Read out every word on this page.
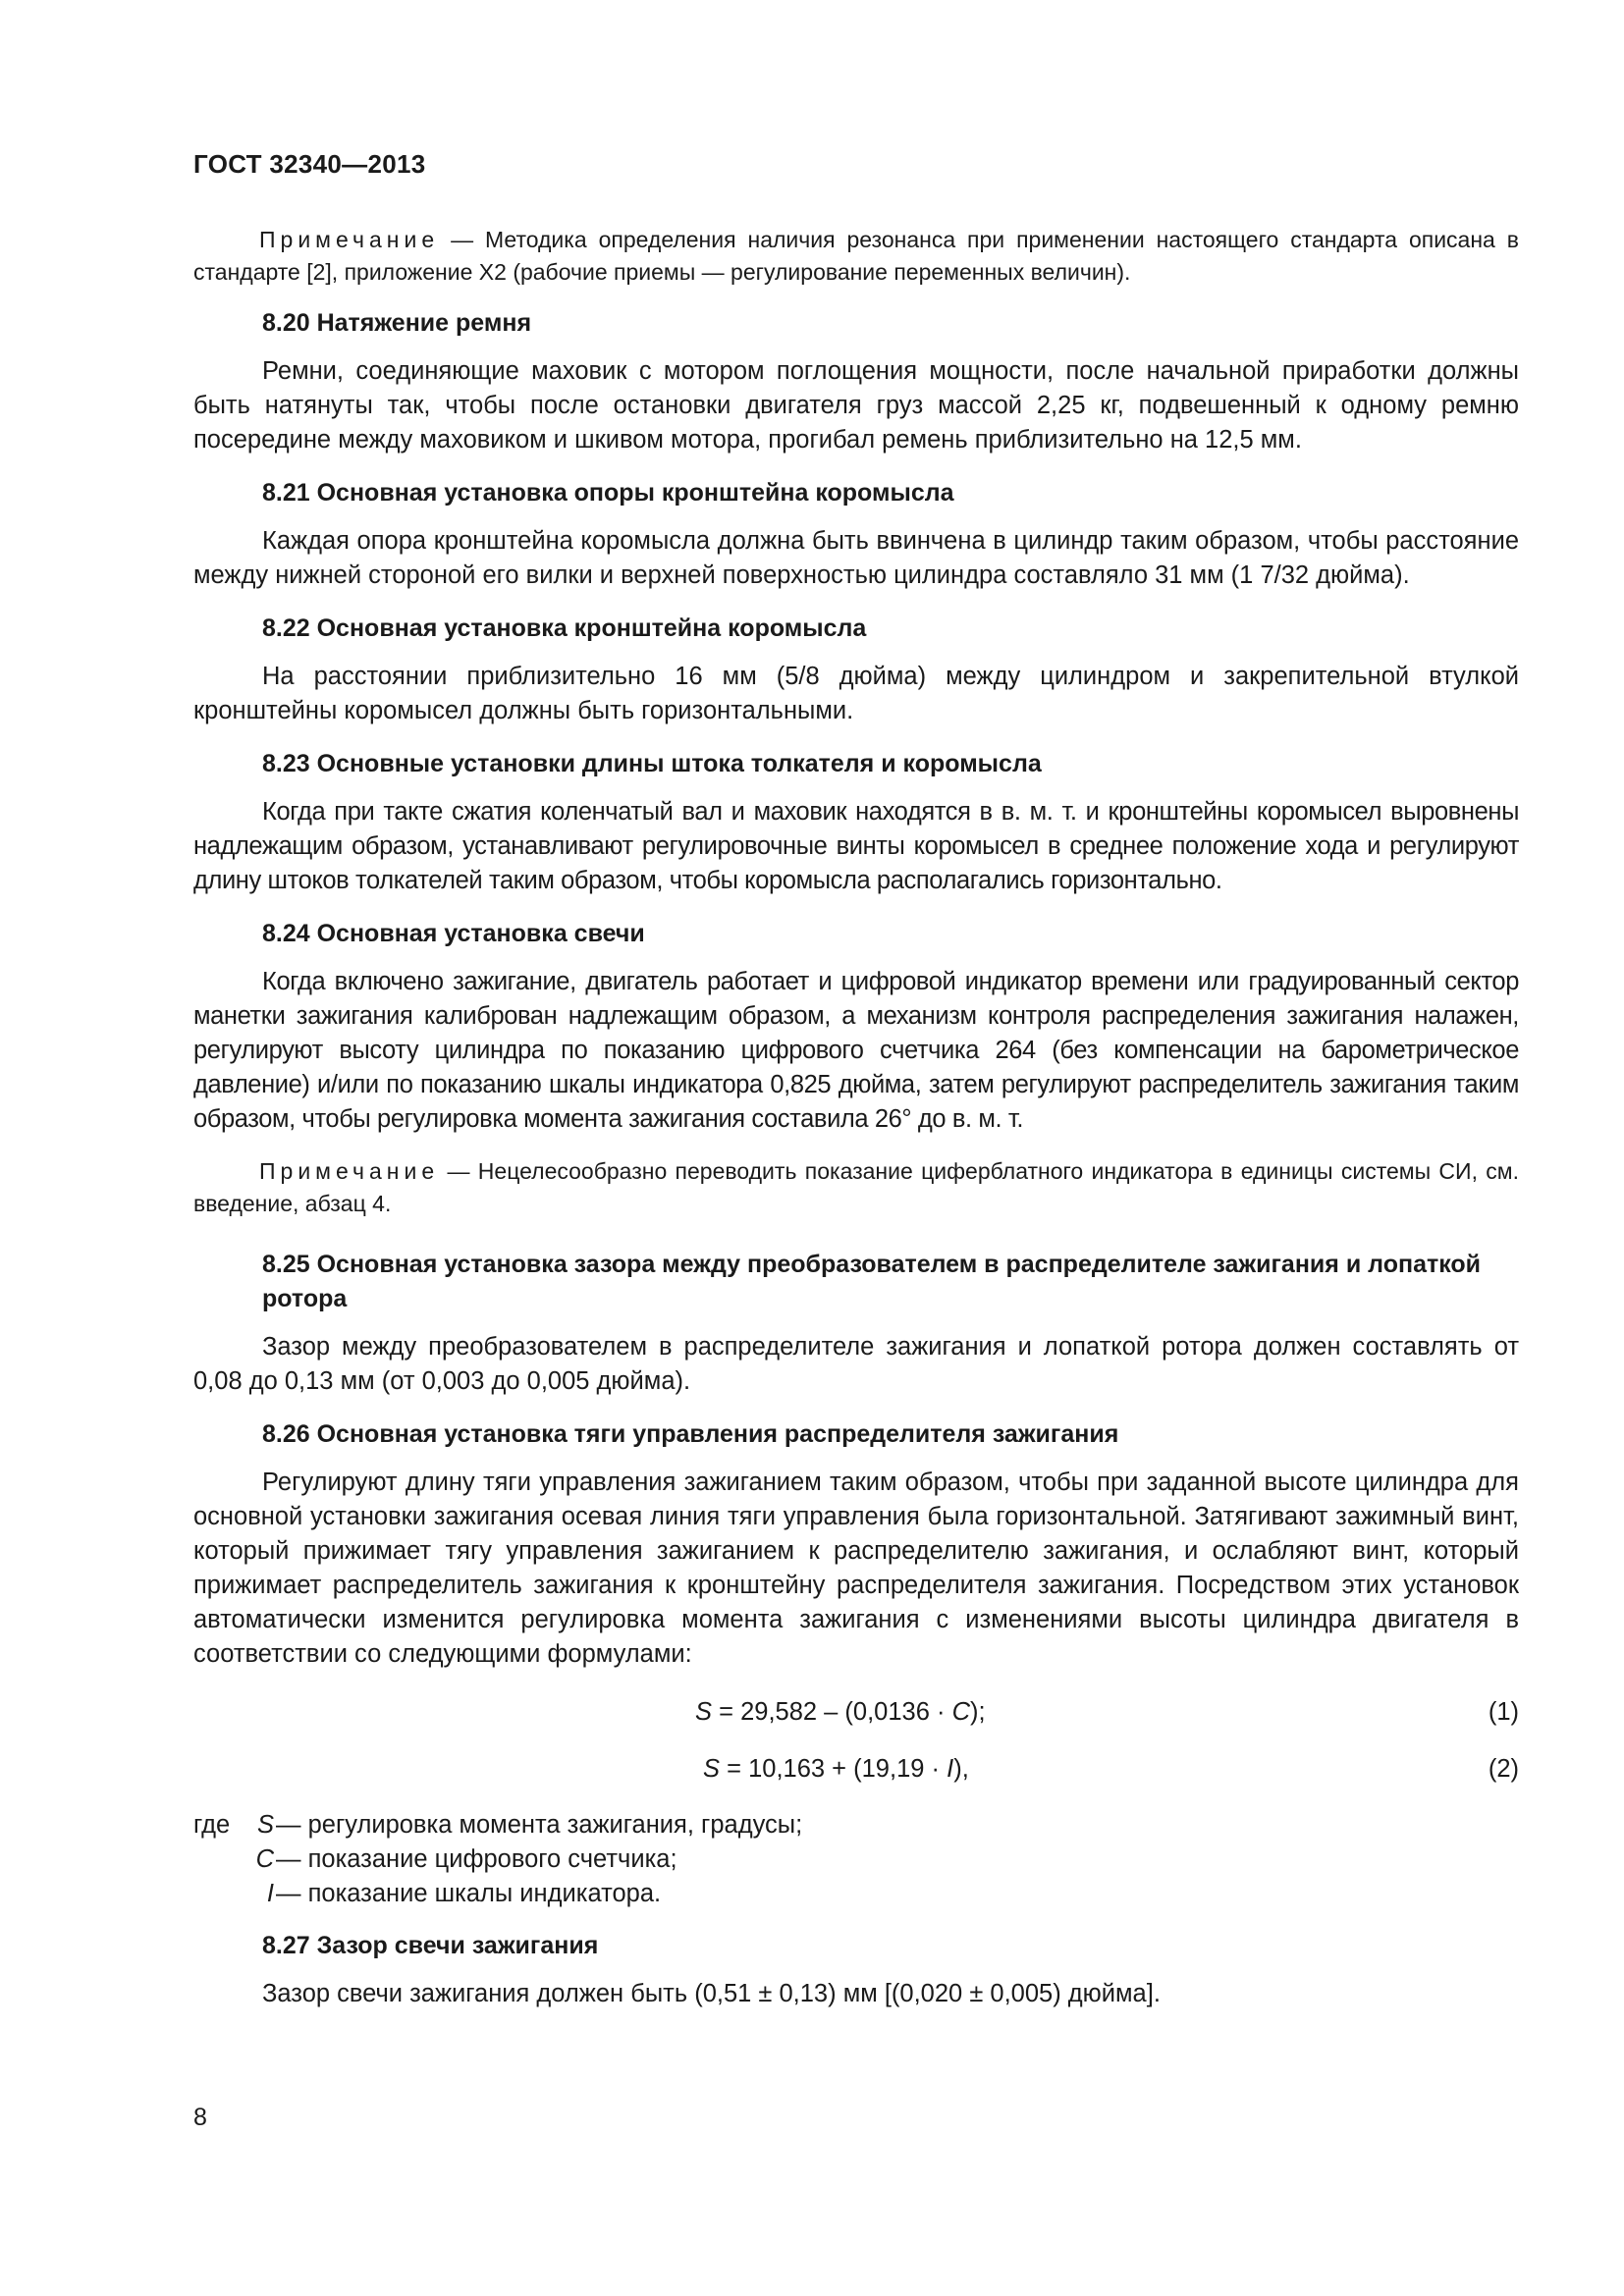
ГОСТ 32340—2013

Примечание — Методика определения наличия резонанса при применении настоящего стандарта описана в стандарте [2], приложение X2 (рабочие приемы — регулирование переменных величин).

8.20 Натяжение ремня

Ремни, соединяющие маховик с мотором поглощения мощности, после начальной приработки должны быть натянуты так, чтобы после остановки двигателя груз массой 2,25 кг, подвешенный к одному ремню посередине между маховиком и шкивом мотора, прогибал ремень приблизительно на 12,5 мм.

8.21 Основная установка опоры кронштейна коромысла

Каждая опора кронштейна коромысла должна быть ввинчена в цилиндр таким образом, чтобы расстояние между нижней стороной его вилки и верхней поверхностью цилиндра составляло 31 мм (1 7/32 дюйма).

8.22 Основная установка кронштейна коромысла

На расстоянии приблизительно 16 мм (5/8 дюйма) между цилиндром и закрепительной втулкой кронштейны коромысел должны быть горизонтальными.

8.23 Основные установки длины штока толкателя и коромысла

Когда при такте сжатия коленчатый вал и маховик находятся в в. м. т. и кронштейны коромысел выровнены надлежащим образом, устанавливают регулировочные винты коромысел в среднее положение хода и регулируют длину штоков толкателей таким образом, чтобы коромысла располагались горизонтально.

8.24 Основная установка свечи

Когда включено зажигание, двигатель работает и цифровой индикатор времени или градуированный сектор манетки зажигания калиброван надлежащим образом, а механизм контроля распределения зажигания налажен, регулируют высоту цилиндра по показанию цифрового счетчика 264 (без компенсации на барометрическое давление) и/или по показанию шкалы индикатора 0,825 дюйма, затем регулируют распределитель зажигания таким образом, чтобы регулировка момента зажигания составила 26° до в. м. т.

Примечание — Нецелесообразно переводить показание циферблатного индикатора в единицы системы СИ, см. введение, абзац 4.

8.25 Основная установка зазора между преобразователем в распределителе зажигания и лопаткой ротора

Зазор между преобразователем в распределителе зажигания и лопаткой ротора должен составлять от 0,08 до 0,13 мм (от 0,003 до 0,005 дюйма).

8.26 Основная установка тяги управления распределителя зажигания

Регулируют длину тяги управления зажиганием таким образом, чтобы при заданной высоте цилиндра для основной установки зажигания осевая линия тяги управления была горизонтальной. Затягивают зажимный винт, который прижимает тягу управления зажиганием к распределителю зажигания, и ослабляют винт, который прижимает распределитель зажигания к кронштейну распределителя зажигания. Посредством этих установок автоматически изменится регулировка момента зажигания с изменениями высоты цилиндра двигателя в соответствии со следующими формулами:

S = 29,582 – (0,0136 · C);	(1)
S = 10,163 + (19,19 · I),	(2)
где	S — регулировка момента зажигания, градусы;
C — показание цифрового счетчика;
I — показание шкалы индикатора.
8.27 Зазор свечи зажигания

Зазор свечи зажигания должен быть (0,51 ± 0,13) мм [(0,020 ± 0,005) дюйма].

8
